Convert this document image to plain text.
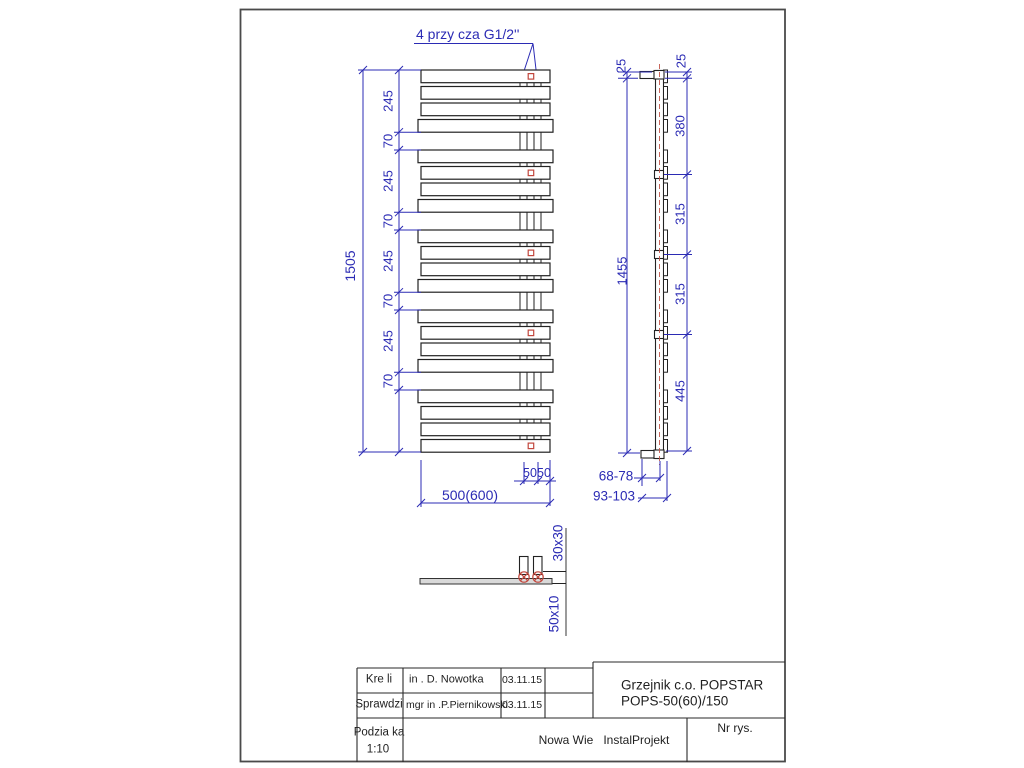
4 przy cza G1/2''
1505
245
70
245
70
245
70
245
70
50 50
500(600)
25	25
380
315
315
445
1455
68-78
93-103
30x30
50x10
Kre li in . D. Nowotka 03.11.15
Sprawdzi mgr in .P.Piernikowski
03.11.15
Podzia ka
1:10
Nowa Wie InstalProjekt
Grzejnik c.o. POPSTAR
POPS-50(60)/150
Nr rys.
